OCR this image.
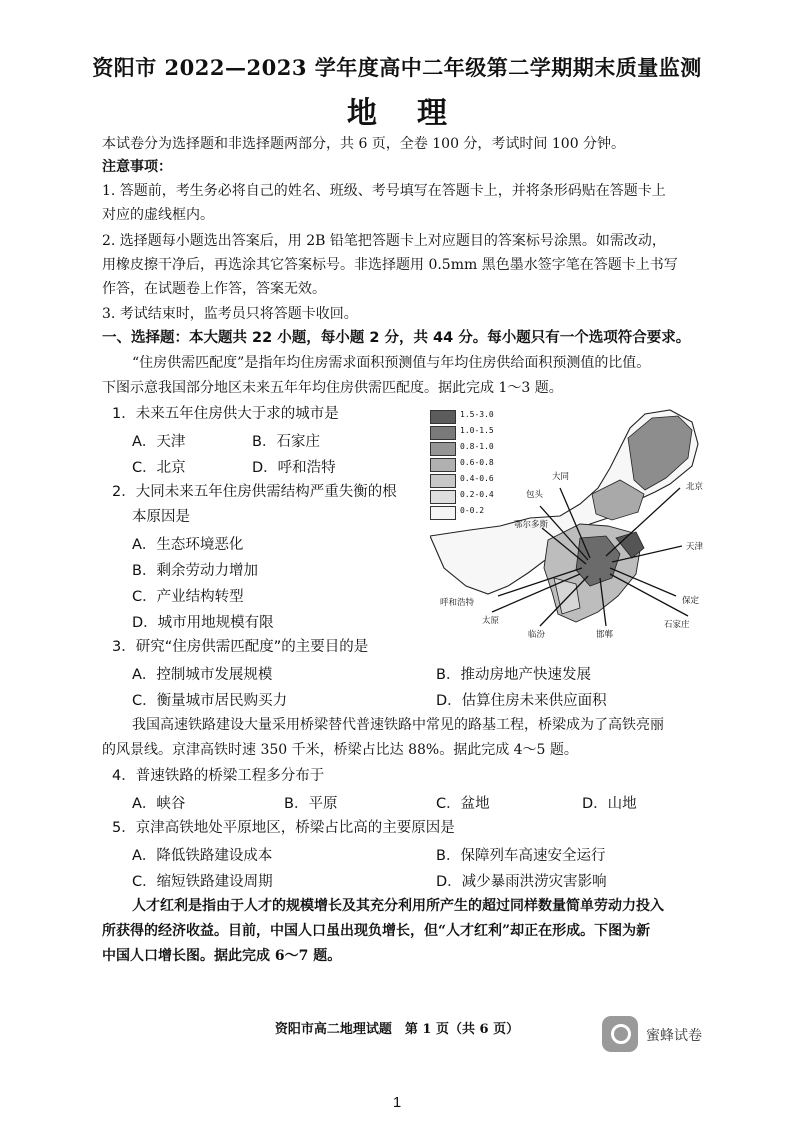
资阳市 2022—2023 学年度高中二年级第二学期期末质量监测
地理
本试卷分为选择题和非选择题两部分，共 6 页，全卷 100 分，考试时间 100 分钟。
注意事项：
1. 答题前，考生务必将自己的姓名、班级、考号填写在答题卡上，并将条形码贴在答题卡上
对应的虚线框内。
2. 选择题每小题选出答案后，用 2B 铅笔把答题卡上对应题目的答案标号涂黑。如需改动，
用橡皮擦干净后，再选涂其它答案标号。非选择题用 0.5mm 黑色墨水签字笔在答题卡上书写
作答，在试题卷上作答，答案无效。
3. 考试结束时，监考员只将答题卡收回。
一、选择题：本大题共 22 小题，每小题 2 分，共 44 分。每小题只有一个选项符合要求。
“住房供需匹配度”是指年均住房需求面积预测值与年均住房供给面积预测值的比值。
下图示意我国部分地区未来五年年均住房供需匹配度。据此完成 1～3 题。
1．未来五年住房供大于求的城市是
A．天津	B．石家庄
C．北京	D．呼和浩特
2．大同未来五年住房供需结构严重失衡的根
本原因是
A．生态环境恶化
B．剩余劳动力增加
C．产业结构转型
D．城市用地规模有限
1.5-3.0
1.0-1.5
0.8-1.0
0.6-0.8
0.4-0.6
0.2-0.4
0-0.2
大同
包头
鄂尔多斯
北京
天津
呼和浩特
太原
临汾	邯郸
保定
石家庄
3．研究“住房供需匹配度”的主要目的是
A．控制城市发展规模	B．推动房地产快速发展
C．衡量城市居民购买力	D．估算住房未来供应面积
我国高速铁路建设大量采用桥梁替代普速铁路中常见的路基工程，桥梁成为了高铁亮丽
的风景线。京津高铁时速 350 千米，桥梁占比达 88%。据此完成 4～5 题。
4．普速铁路的桥梁工程多分布于
A．峡谷	B．平原	C．盆地	D．山地
5．京津高铁地处平原地区，桥梁占比高的主要原因是
A．降低铁路建设成本	B．保障列车高速安全运行
C．缩短铁路建设周期	D．减少暴雨洪涝灾害影响
人才红利是指由于人才的规模增长及其充分利用所产生的超过同样数量简单劳动力投入
所获得的经济收益。目前，中国人口虽出现负增长，但“人才红利”却正在形成。下图为新
中国人口增长图。据此完成 6～7 题。
资阳市高二地理试题　第 1 页（共 6 页）	蜜蜂试卷
1
